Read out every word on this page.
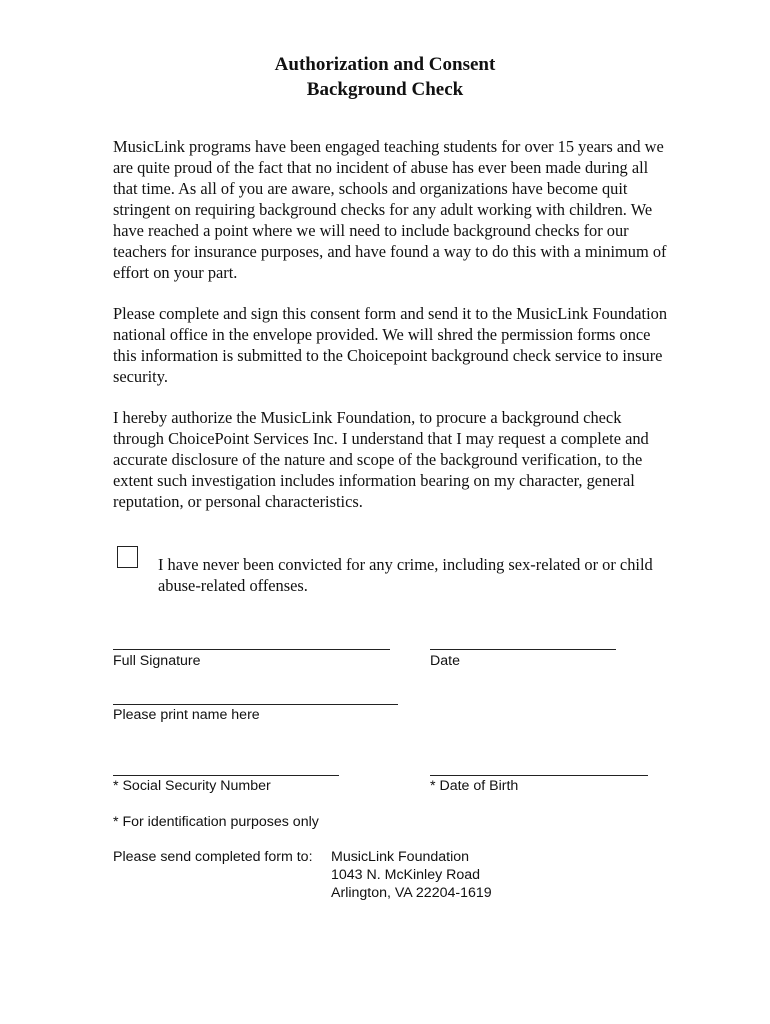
Authorization and Consent
Background Check

MusicLink programs have been engaged teaching students for over 15 years and we are quite proud of the fact that no incident of abuse has ever been made during all that time. As all of you are aware, schools and organizations have become quit stringent on requiring background checks for any adult working with children. We have reached a point where we will need to include background checks for our teachers for insurance purposes, and have found a way to do this with a minimum of effort on your part.

Please complete and sign this consent form and send it to the MusicLink Foundation national office in the envelope provided. We will shred the permission forms once this information is submitted to the Choicepoint background check service to insure security.

I hereby authorize the MusicLink Foundation, to procure a background check through ChoicePoint Services Inc. I understand that I may request a complete and accurate disclosure of the nature and scope of the background verification, to the extent such investigation includes information bearing on my character, general reputation, or personal characteristics.

I have never been convicted for any crime, including sex-related or or child abuse-related offenses.

Full Signature	Date
Please print name here
* Social Security Number	* Date of Birth
* For identification purposes only
Please send completed form to: MusicLink Foundation
1043 N. McKinley Road
Arlington, VA 22204-1619
